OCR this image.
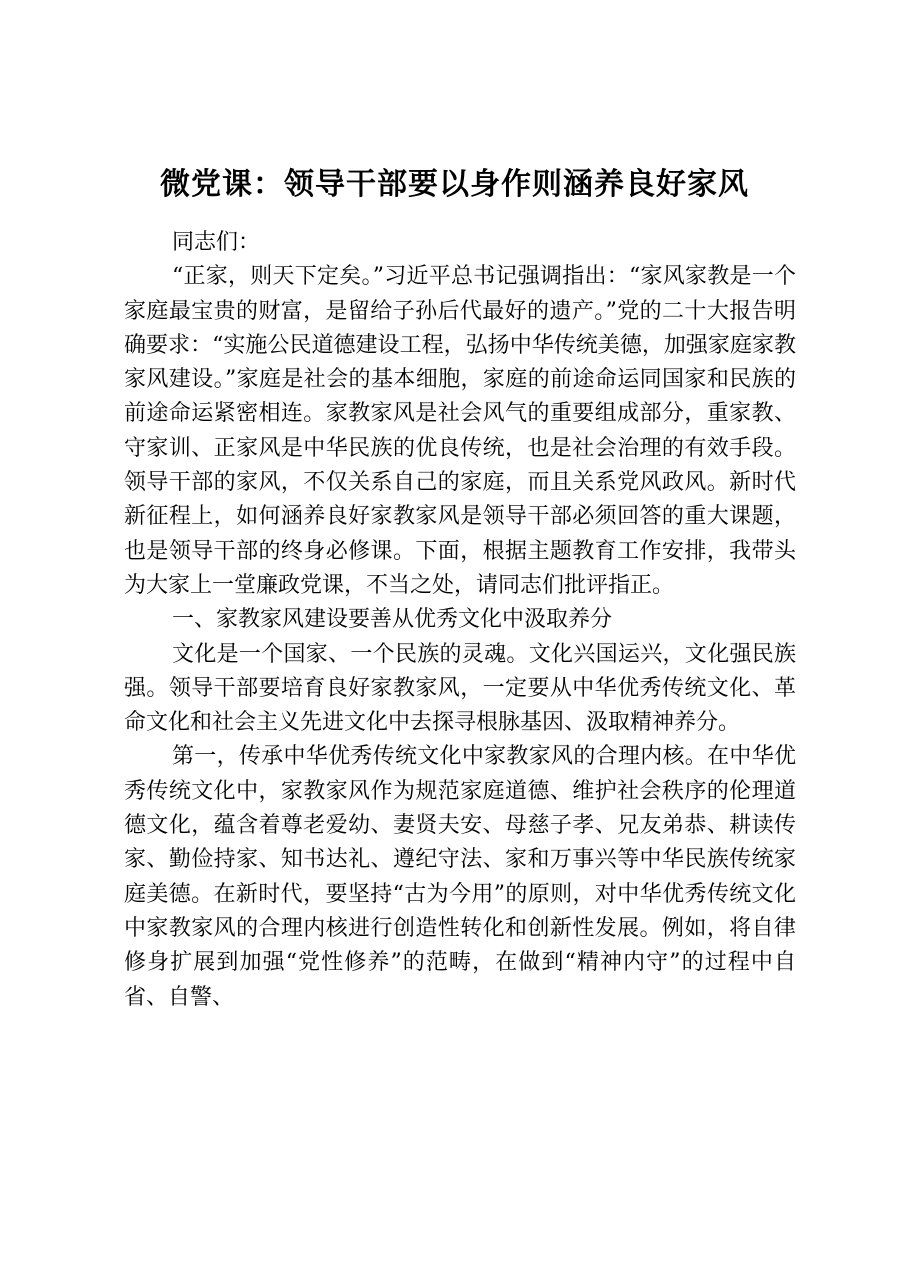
微党课：领导干部要以身作则涵养良好家风

同志们：

“正家，则天下定矣。”习近平总书记强调指出：“家风家教是一个家庭最宝贵的财富，是留给子孙后代最好的遗产。”党的二十大报告明确要求：“实施公民道德建设工程，弘扬中华传统美德，加强家庭家教家风建设。”家庭是社会的基本细胞，家庭的前途命运同国家和民族的前途命运紧密相连。家教家风是社会风气的重要组成部分，重家教、守家训、正家风是中华民族的优良传统，也是社会治理的有效手段。领导干部的家风，不仅关系自己的家庭，而且关系党风政风。新时代新征程上，如何涵养良好家教家风是领导干部必须回答的重大课题，也是领导干部的终身必修课。下面，根据主题教育工作安排，我带头为大家上一堂廉政党课，不当之处，请同志们批评指正。

一、家教家风建设要善从优秀文化中汲取养分

文化是一个国家、一个民族的灵魂。文化兴国运兴，文化强民族强。领导干部要培育良好家教家风，一定要从中华优秀传统文化、革命文化和社会主义先进文化中去探寻根脉基因、汲取精神养分。

第一，传承中华优秀传统文化中家教家风的合理内核。在中华优秀传统文化中，家教家风作为规范家庭道德、维护社会秩序的伦理道德文化，蕴含着尊老爱幼、妻贤夫安、母慈子孝、兄友弟恭、耕读传家、勤俭持家、知书达礼、遵纪守法、家和万事兴等中华民族传统家庭美德。在新时代，要坚持“古为今用”的原则，对中华优秀传统文化中家教家风的合理内核进行创造性转化和创新性发展。例如，将自律修身扩展到加强“党性修养”的范畴，在做到“精神内守”的过程中自省、自警、
